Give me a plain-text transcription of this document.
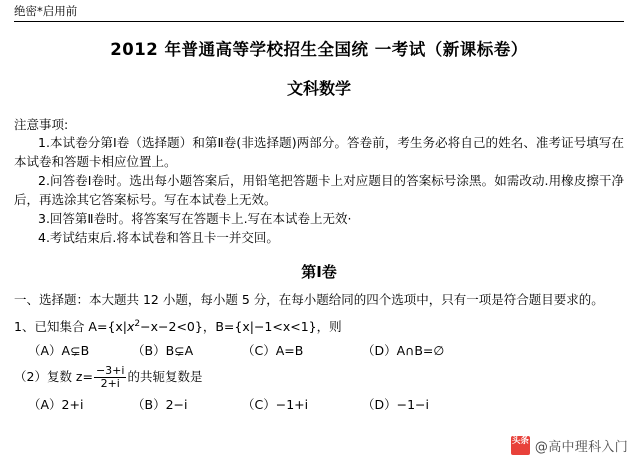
绝密*启用前
2012 年普通高等学校招生全国统 一考试（新课标卷）
文科数学
注意事项:
1.本试卷分第Ⅰ卷（选择题）和第Ⅱ卷(非选择题)两部分。答卷前，考生务必将自己的姓名、准考证号填写在本试卷和答题卡相应位置上。
2.问答卷Ⅰ卷时。选出每小题答案后，用铅笔把答题卡上对应题目的答案标号涂黑。如需改动.用橡皮擦干净后，再选涂其它答案标号。写在本试卷上无效。
3.回答第Ⅱ卷时。将答案写在答题卡上.写在本试卷上无效·
4.考试结束后.将本试卷和答且卡一并交回。
第Ⅰ卷
一、选择题：本大题共 12 小题，每小题 5 分，在每小题给同的四个选项中，只有一项是符合题目要求的。
1、已知集合 $A=\{x|x^2-x-2<0\}$，B={x|−1<x<1}，则
（A）A⊊B	（B）B⊊A	（C）A=B	（D）A∩B=∅
（2）复数 $z= \frac{-3+i}{2+i}$ 的共轭复数是
（A）2+i	（B）2−i	（C）−1+i	（D）−1−i
头条 @高中理科入门
